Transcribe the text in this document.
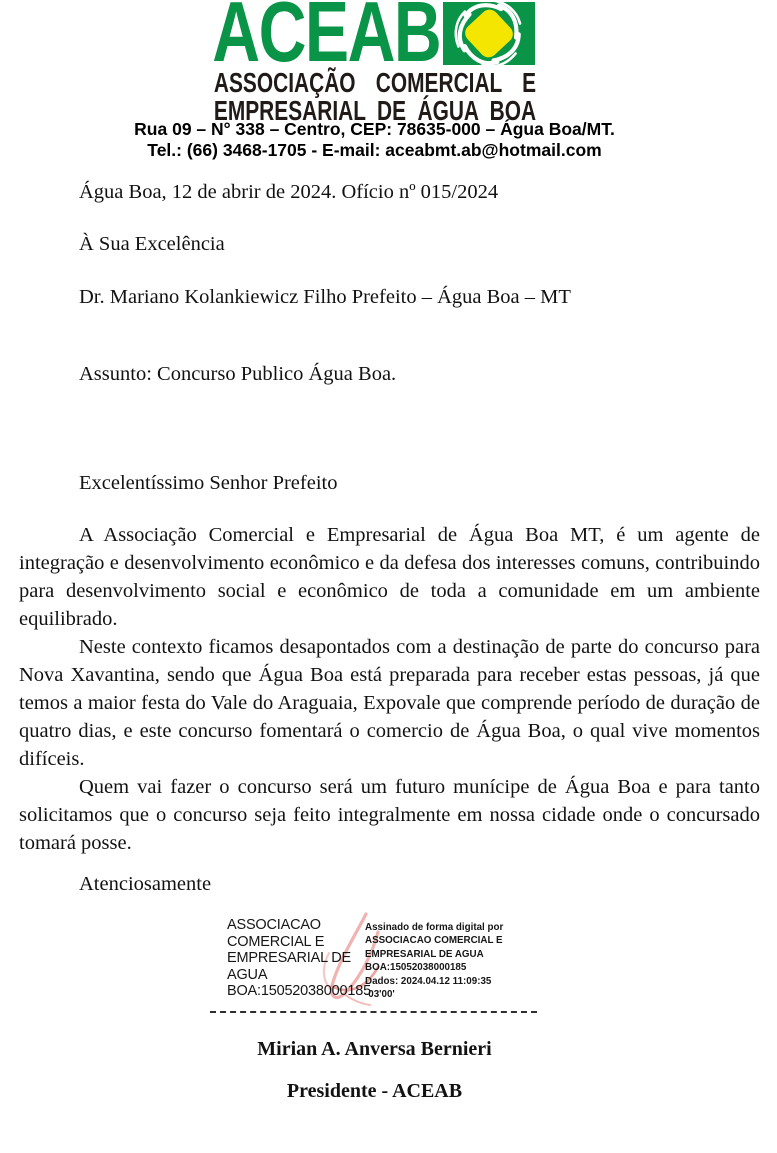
ACEAB
ASSOCIAÇÃO COMERCIAL E
EMPRESARIAL DE ÁGUA BOA
Rua 09 – N° 338 – Centro, CEP: 78635-000 – Água Boa/MT.
Tel.: (66) 3468-1705 - E-mail: aceabmt.ab@hotmail.com
Água Boa, 12 de abrir de 2024. Ofício nº 015/2024
À Sua Excelência
Dr. Mariano Kolankiewicz Filho Prefeito – Água Boa – MT
Assunto: Concurso Publico Água Boa.
Excelentíssimo Senhor Prefeito

A Associação Comercial e Empresarial de Água Boa MT, é um agente de integração e desenvolvimento econômico e da defesa dos interesses comuns, contribuindo para desenvolvimento social e econômico de toda a comunidade em um ambiente equilibrado.

Neste contexto ficamos desapontados com a destinação de parte do concurso para Nova Xavantina, sendo que Água Boa está preparada para receber estas pessoas, já que temos a maior festa do Vale do Araguaia, Expovale que comprende período de duração de quatro dias, e este concurso fomentará o comercio de Água Boa, o qual vive momentos difíceis.

Quem vai fazer o concurso será um futuro munícipe de Água Boa e para tanto solicitamos que o concurso seja feito integralmente em nossa cidade onde o concursado tomará posse.

Atenciosamente
ASSOCIACAO
COMERCIAL E
EMPRESARIAL DE
AGUA
BOA:15052038000185
Assinado de forma digital por
ASSOCIACAO COMERCIAL E
EMPRESARIAL DE AGUA
BOA:15052038000185
Dados: 2024.04.12 11:09:35
-03'00'
Mirian A. Anversa Bernieri
Presidente - ACEAB
